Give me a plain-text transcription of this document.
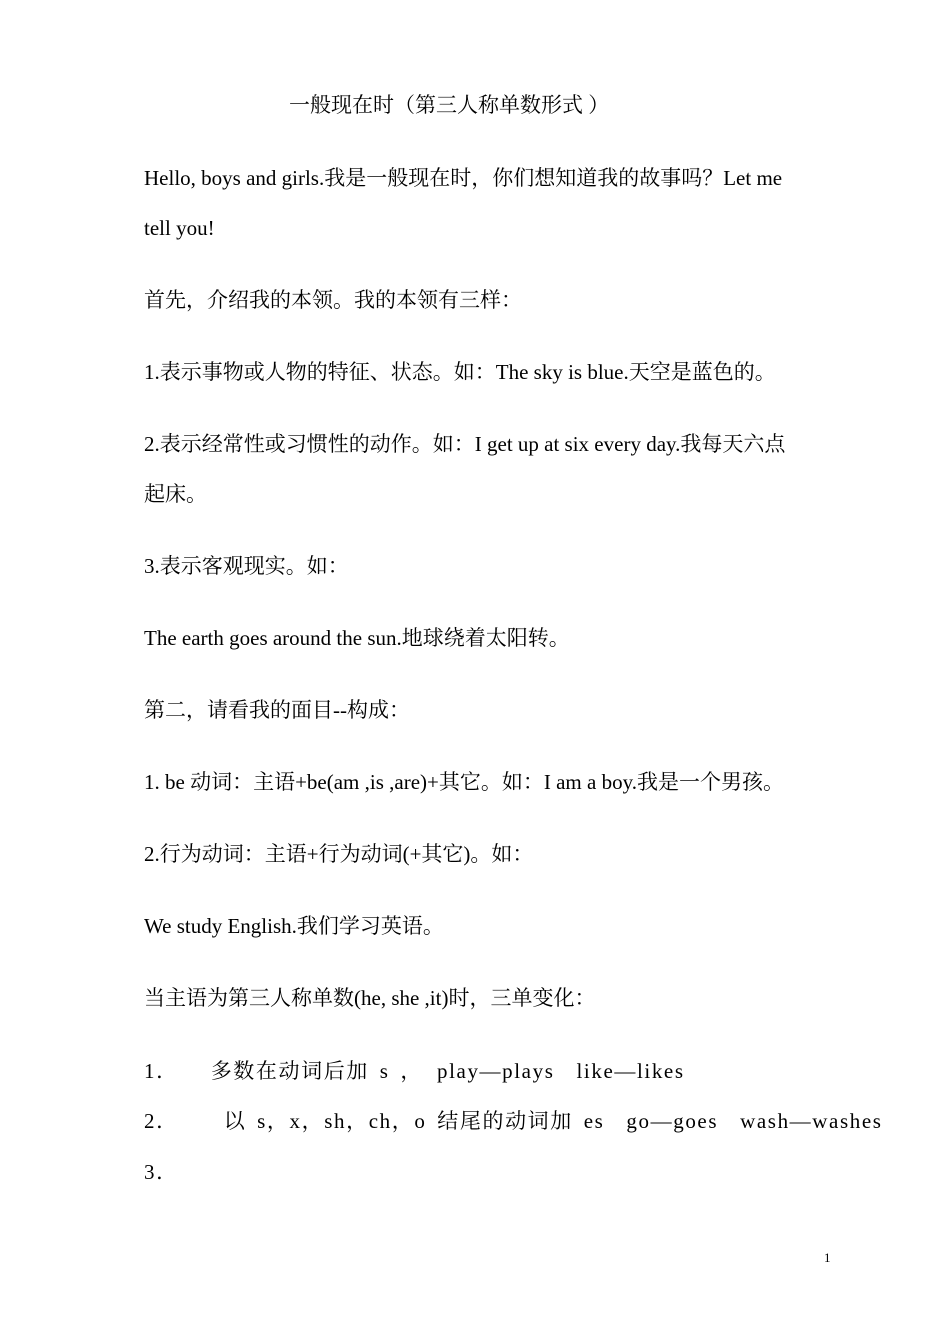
一般现在时（第三人称单数形式 ）
Hello, boys and girls.我是一般现在时，你们想知道我的故事吗？Let me
tell you!
首先，介绍我的本领。我的本领有三样：
1.表示事物或人物的特征、状态。如：The sky is blue.天空是蓝色的。
2.表示经常性或习惯性的动作。如：I get up at six every day.我每天六点
起床。
3.表示客观现实。如：
The earth goes around the sun.地球绕着太阳转。
第二，请看我的面目--构成：
1. be 动词：主语+be(am ,is ,are)+其它。如：I am a boy.我是一个男孩。
2.行为动词：主语+行为动词(+其它)。如：
We study English.我们学习英语。
当主语为第三人称单数(he, she ,it)时，三单变化：
1． 多数在动词后加 s ， play—plays like—likes
2． 以 s，x，sh，ch，o 结尾的动词加 es go—goes wash—washes
3．
1
